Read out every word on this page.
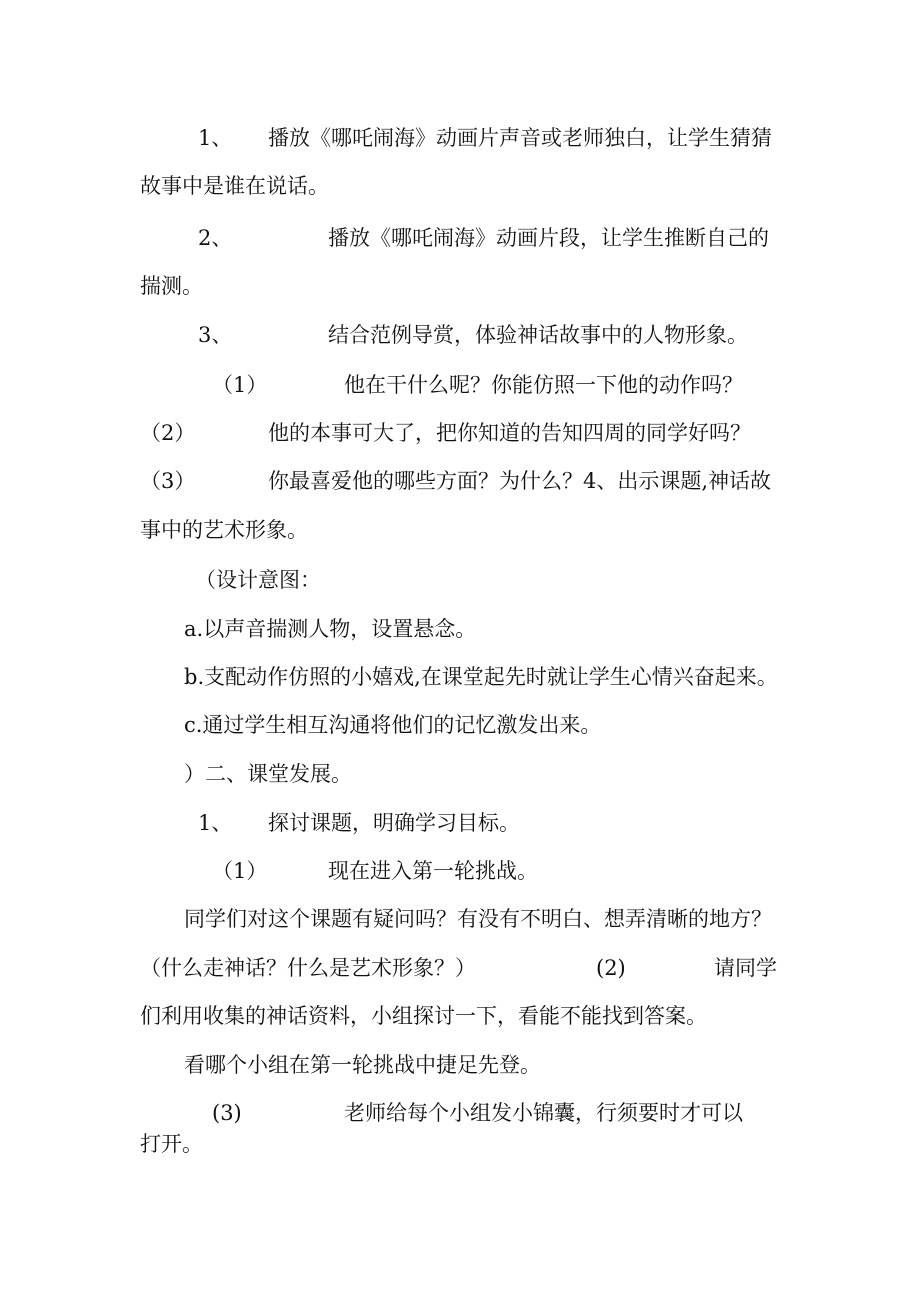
1、 播放《哪吒闹海》动画片声音或老师独白，让学生猜猜
故事中是谁在说话。
2、	播放《哪吒闹海》动画片段，让学生推断自己的
揣测。
3、	结合范例导赏，体验神话故事中的人物形象。
（1）	他在干什么呢？你能仿照一下他的动作吗？
（2）	他的本事可大了，把你知道的告知四周的同学好吗？
（3）	你最喜爱他的哪些方面？为什么？4、出示课题,神话故
事中的艺术形象。
（设计意图：
a.以声音揣测人物，设置悬念。
b.支配动作仿照的小嬉戏,在课堂起先时就让学生心情兴奋起来。
c.通过学生相互沟通将他们的记忆激发出来。
）二、课堂发展。
1、 探讨课题，明确学习目标。
（1）	现在进入第一轮挑战。
同学们对这个课题有疑问吗？有没有不明白、想弄清晰的地方？
（什么走神话？什么是艺术形象？）	(2)	请同学
们利用收集的神话资料，小组探讨一下，看能不能找到答案。
看哪个小组在第一轮挑战中捷足先登。
(3)	老师给每个小组发小锦囊，行须要时才可以
打开。
